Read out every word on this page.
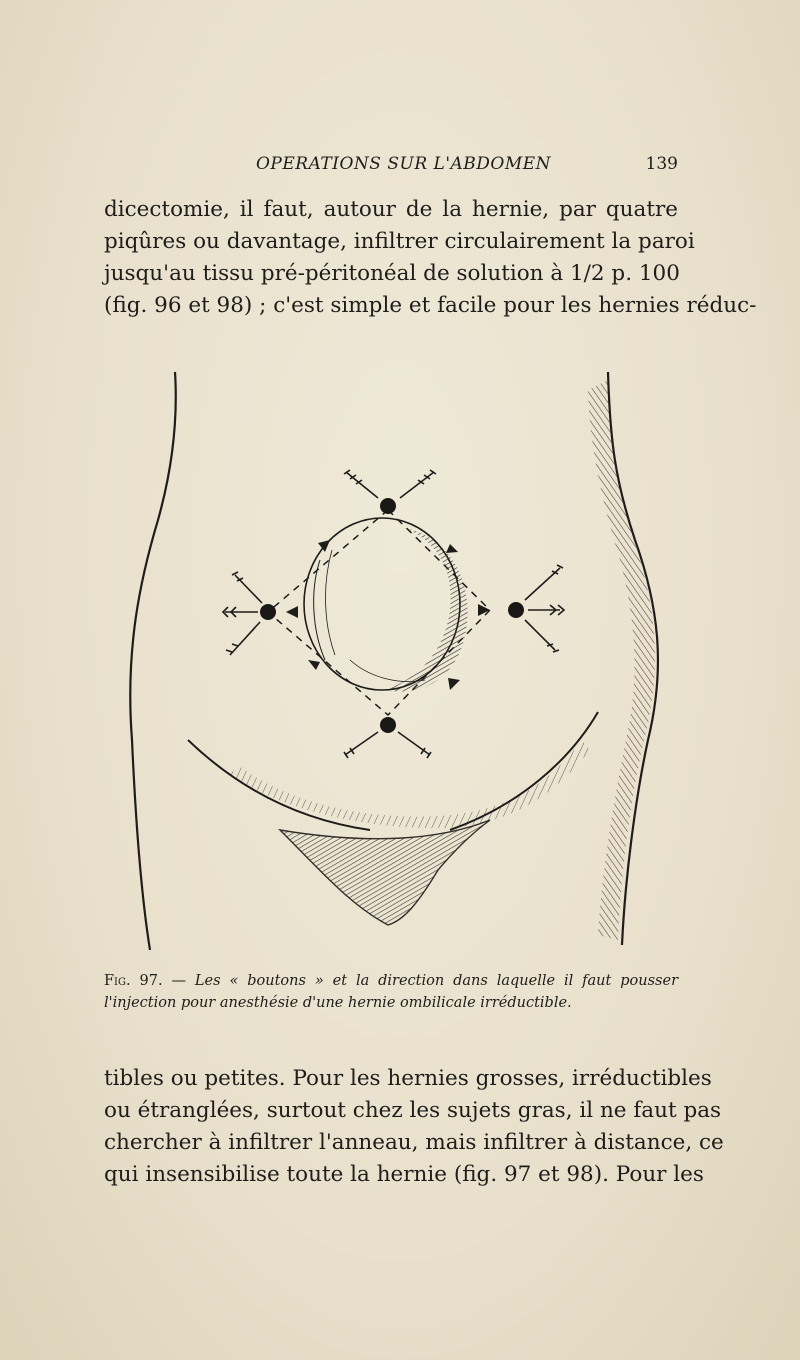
OPERATIONS SUR L'ABDOMEN	139
dicectomie, il faut, autour de la hernie, par quatre
piqûres ou davantage, infiltrer circulairement la paroi
jusqu'au tissu pré-péritonéal de solution à 1/2 p. 100
(fig. 96 et 98) ; c'est simple et facile pour les hernies réduc-
Fig. 97. — Les « boutons » et la direction dans laquelle il faut pousser
l'injection pour anesthésie d'une hernie ombilicale irréductible.
tibles ou petites. Pour les hernies grosses, irréductibles
ou étranglées, surtout chez les sujets gras, il ne faut pas
chercher à infiltrer l'anneau, mais infiltrer à distance, ce
qui insensibilise toute la hernie (fig. 97 et 98). Pour les
